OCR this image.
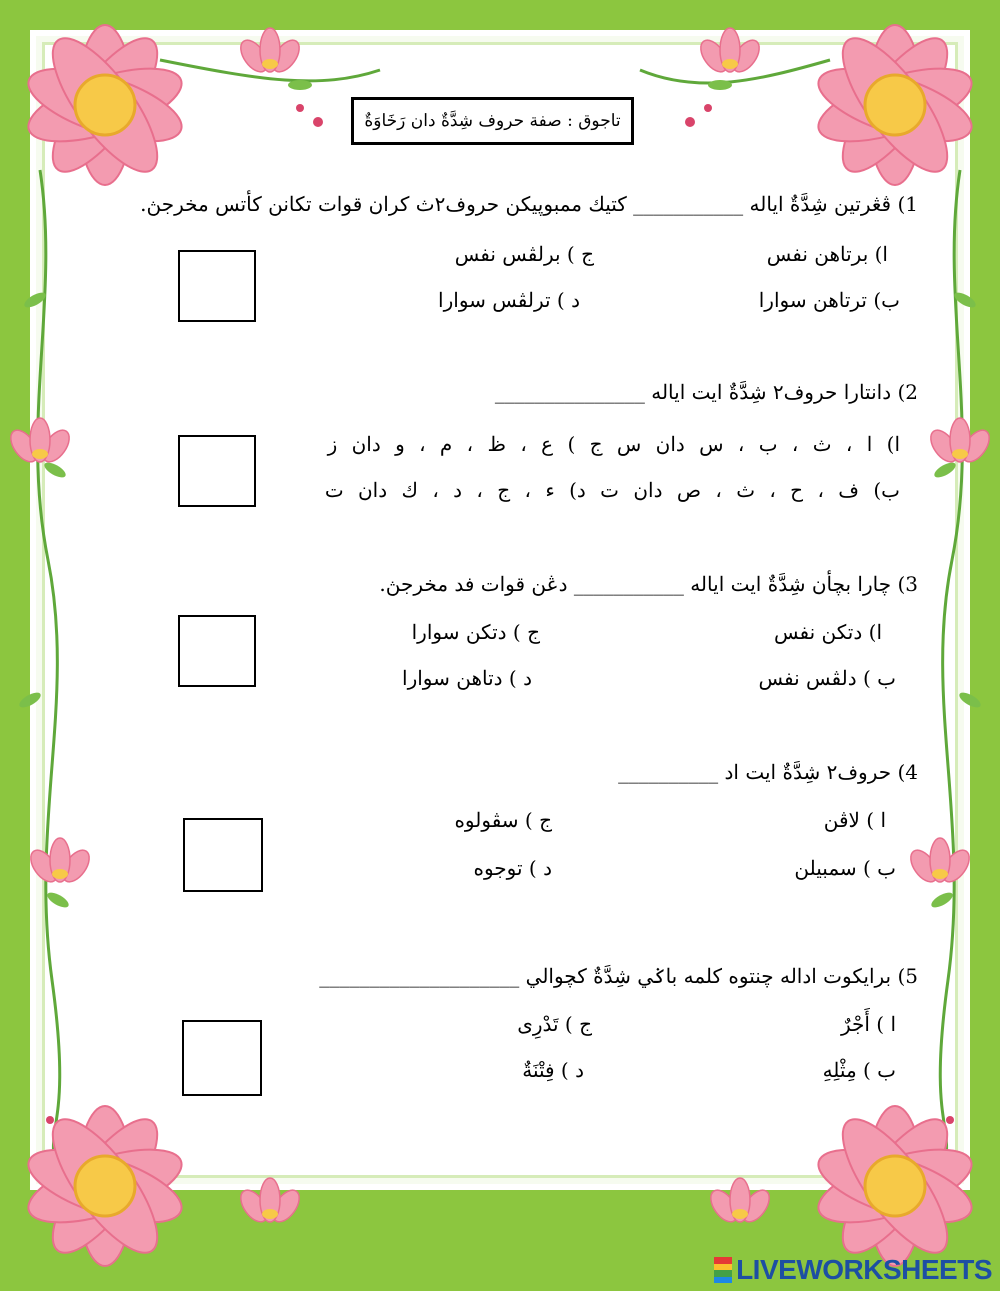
تاجوق : صفة حروف شِدَّةٌ دان رَخَاوَةٌ
1) ڤڠرتين شِدَّةٌ اياله ___________ كتيك ممبوپيكن حروف٢ث كران قوات تكانن كأتس مخرجڽ.
ا) برتاهن نفس
ج ) برلڤس نفس
ب) ترتاهن سوارا
د ) ترلڤس سوارا
2) دانتارا حروف٢ شِدَّةٌ ايت اياله _______________
ا) ا ، ث ، ب ، س دان س ج ) ع ، ظ ، م ، و دان ز
ب) ف ، ح ، ث ، ص دان ت د) ء ، ج ، د ، ك دان ت
3) چارا بچأن شِدَّةٌ ايت اياله ___________ دڠن قوات فد مخرجڽ.
ا) دتكن نفس
ج ) دتكن سوارا
ب ) دلڤس نفس
د ) دتاهن سوارا
4) حروف٢ شِدَّةٌ ايت اد __________
ا ) لاڤن
ج ) سڤولوه
ب ) سمبيلن
د ) توجوه
5) برايكوت اداله چنتوه كلمه باݢي شِدَّةٌ كچوالي ____________________
ا ) أَجْرٌ
ج ) تَدْرِى
ب ) مِثْلِهِ
د ) فِتْنَةٌ
LIVEWORKSHEETS
